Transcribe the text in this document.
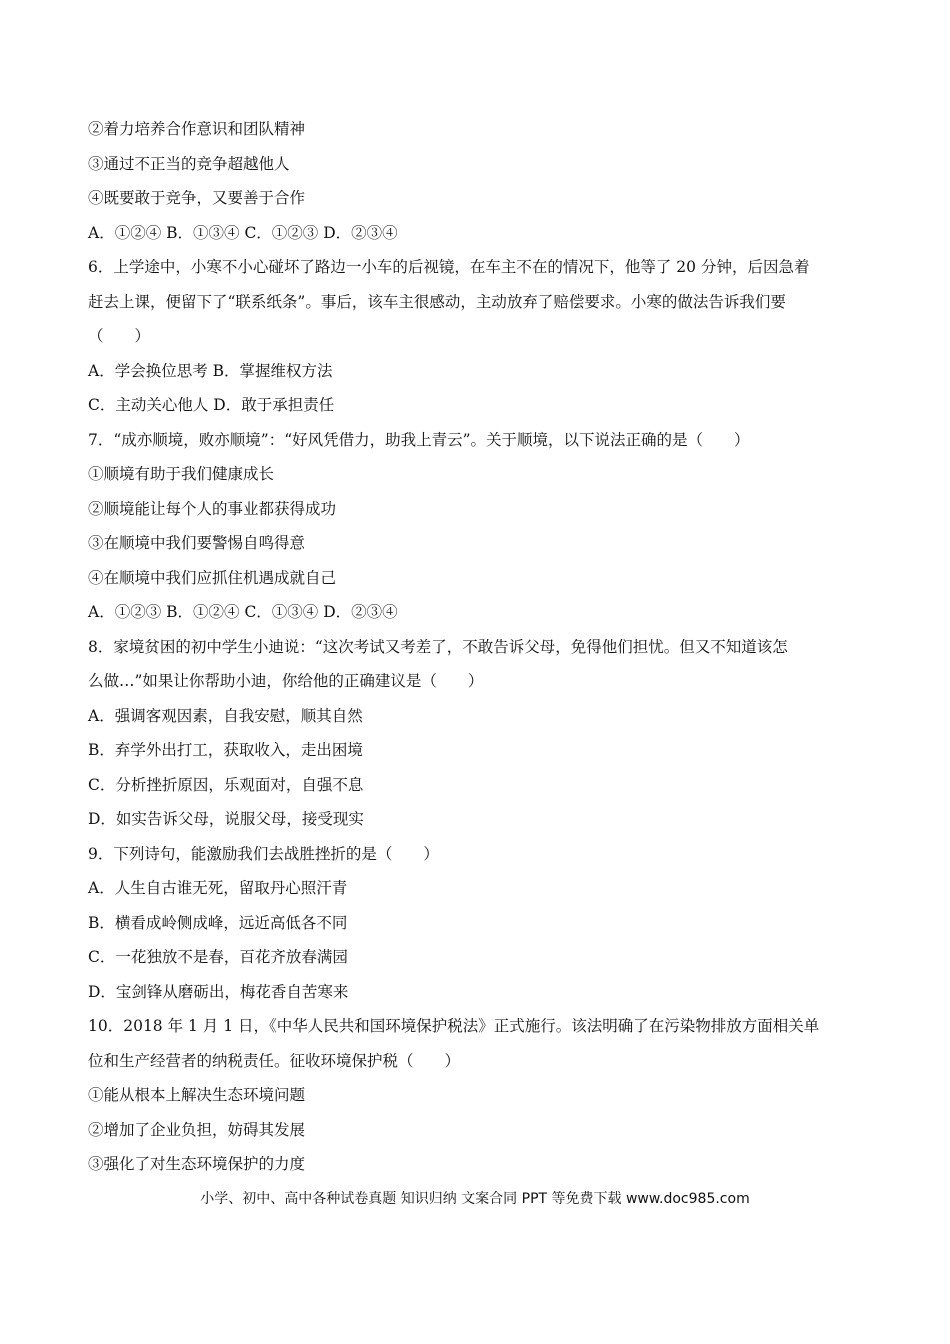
②着力培养合作意识和团队精神
③通过不正当的竞争超越他人
④既要敢于竞争，又要善于合作
A．①②④ B．①③④ C．①②③ D．②③④
6．上学途中，小寒不小心碰坏了路边一小车的后视镜，在车主不在的情况下，他等了 20 分钟，后因急着
赶去上课，便留下了“联系纸条”。事后，该车主很感动，主动放弃了赔偿要求。小寒的做法告诉我们要
（　　）
A．学会换位思考 B．掌握维权方法
C．主动关心他人 D．敢于承担责任
7．“成亦顺境，败亦顺境”：“好风凭借力，助我上青云”。关于顺境，以下说法正确的是（　　）
①顺境有助于我们健康成长
②顺境能让每个人的事业都获得成功
③在顺境中我们要警惕自鸣得意
④在顺境中我们应抓住机遇成就自己
A．①②③ B．①②④ C．①③④ D．②③④
8．家境贫困的初中学生小迪说：“这次考试又考差了，不敢告诉父母，免得他们担忧。但又不知道该怎
么做…”如果让你帮助小迪，你给他的正确建议是（　　）
A．强调客观因素，自我安慰，顺其自然
B．弃学外出打工，获取收入，走出困境
C．分析挫折原因，乐观面对，自强不息
D．如实告诉父母，说服父母，接受现实
9．下列诗句，能激励我们去战胜挫折的是（　　）
A．人生自古谁无死，留取丹心照汗青
B．横看成岭侧成峰，远近高低各不同
C．一花独放不是春，百花齐放春满园
D．宝剑锋从磨砺出，梅花香自苦寒来
10．2018 年 1 月 1 日，《中华人民共和国环境保护税法》正式施行。该法明确了在污染物排放方面相关单
位和生产经营者的纳税责任。征收环境保护税（　　）
①能从根本上解决生态环境问题
②增加了企业负担，妨碍其发展
③强化了对生态环境保护的力度
小学、初中、高中各种试卷真题 知识归纳 文案合同 PPT 等免费下载 www.doc985.com
